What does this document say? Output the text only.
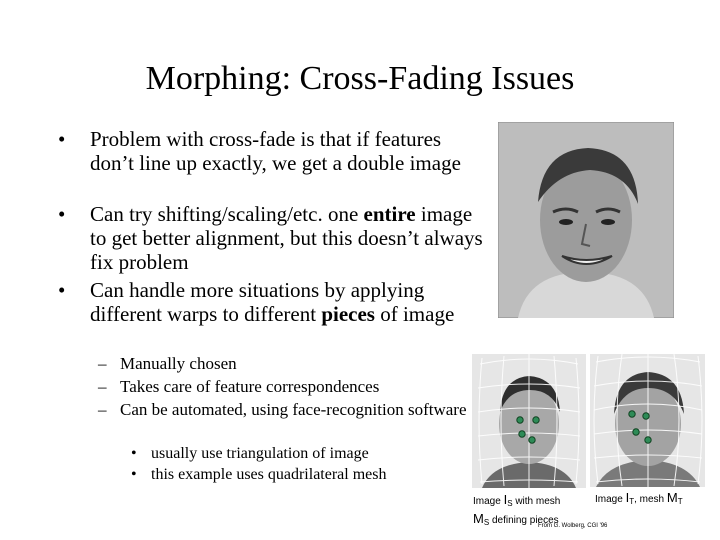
Morphing: Cross-Fading Issues
• Problem with cross-fade is that if features don’t line up exactly, we get a double image
• Can try shifting/scaling/etc. one entire image to get better alignment, but this doesn’t always fix problem
• Can handle more situations by applying different warps to different pieces of image
– Manually chosen
– Takes care of feature correspondences
– Can be automated, using face-recognition software
• usually use triangulation of image
• this example uses quadrilateral mesh
Image $I_S$ with mesh
$M_S$ defining pieces
Image $I_T$, mesh $M_T$
From G. Wolberg, CGI '96
